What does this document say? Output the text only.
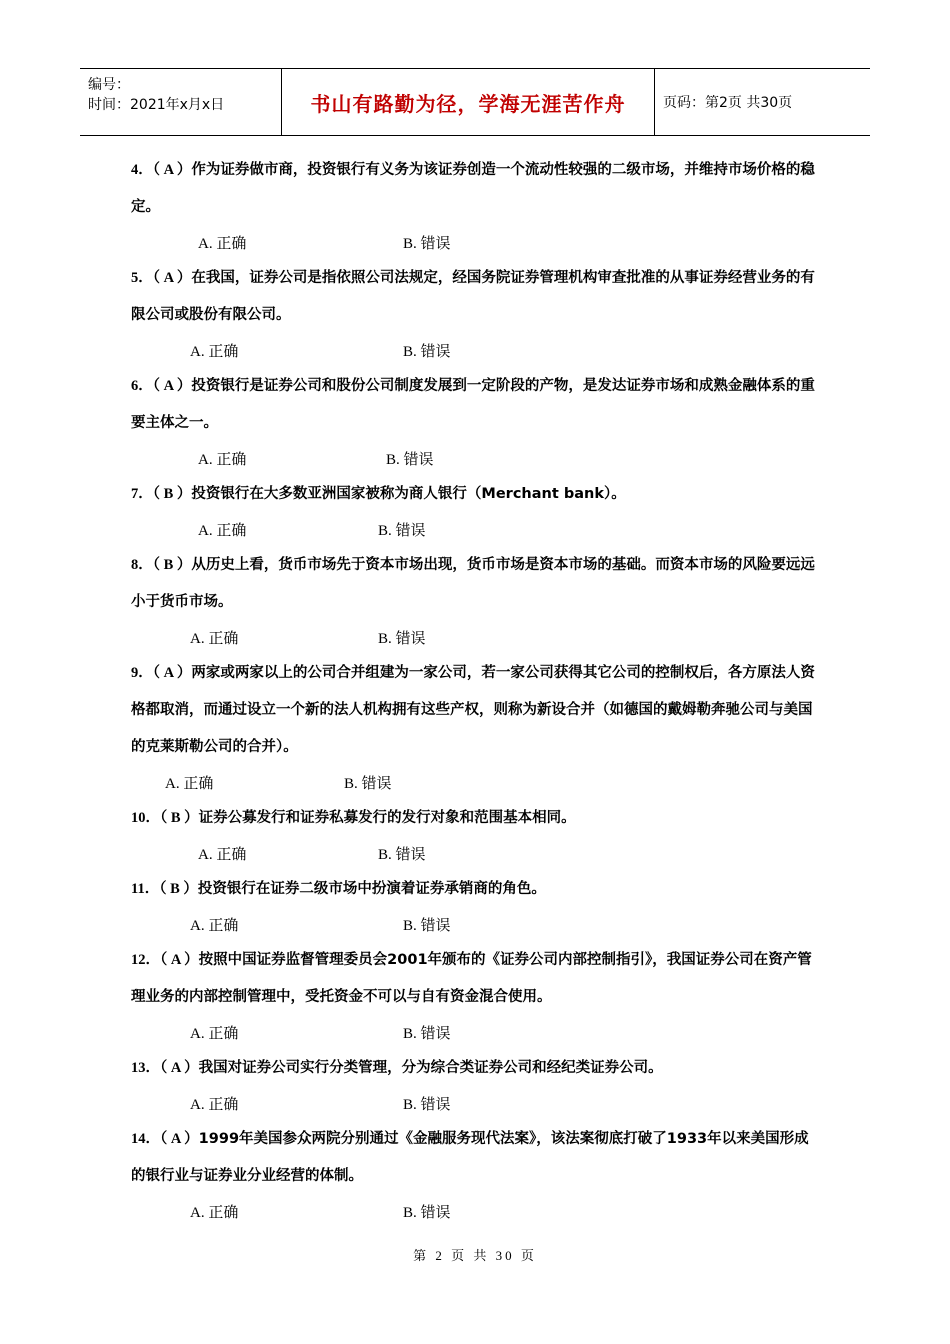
编号：
时间：2021年x月x日	书山有路勤为径，学海无涯苦作舟	页码：第2页 共30页

4．（ A ）作为证券做市商，投资银行有义务为该证券创造一个流动性较强的二级市场，并维持市场价格的稳定。

A. 正确	B. 错误

5．（ A ）在我国，证券公司是指依照公司法规定，经国务院证券管理机构审查批准的从事证券经营业务的有限公司或股份有限公司。

A. 正确	B. 错误

6．（ A ）投资银行是证券公司和股份公司制度发展到一定阶段的产物，是发达证券市场和成熟金融体系的重要主体之一。

A. 正确	B. 错误

7．（ B ）投资银行在大多数亚洲国家被称为商人银行（Merchant bank）。

A. 正确	B. 错误

8．（ B ）从历史上看，货币市场先于资本市场出现，货币市场是资本市场的基础。而资本市场的风险要远远小于货币市场。

A. 正确	B. 错误

9．（ A ）两家或两家以上的公司合并组建为一家公司，若一家公司获得其它公司的控制权后，各方原法人资格都取消，而通过设立一个新的法人机构拥有这些产权，则称为新设合并（如德国的戴姆勒奔驰公司与美国的克莱斯勒公司的合并）。

A. 正确	B. 错误

10．（ B ）证券公募发行和证券私募发行的发行对象和范围基本相同。

A. 正确	B. 错误

11．（ B ）投资银行在证券二级市场中扮演着证券承销商的角色。

A. 正确	B. 错误

12．（ A ）按照中国证券监督管理委员会2001年颁布的《证券公司内部控制指引》，我国证券公司在资产管理业务的内部控制管理中，受托资金不可以与自有资金混合使用。

A. 正确	B. 错误

13．（ A ）我国对证券公司实行分类管理，分为综合类证券公司和经纪类证券公司。

A. 正确	B. 错误

14．（ A ）1999年美国参众两院分别通过《金融服务现代法案》，该法案彻底打破了1933年以来美国形成的银行业与证券业分业经营的体制。

A. 正确	B. 错误
第 2 页 共 30 页
